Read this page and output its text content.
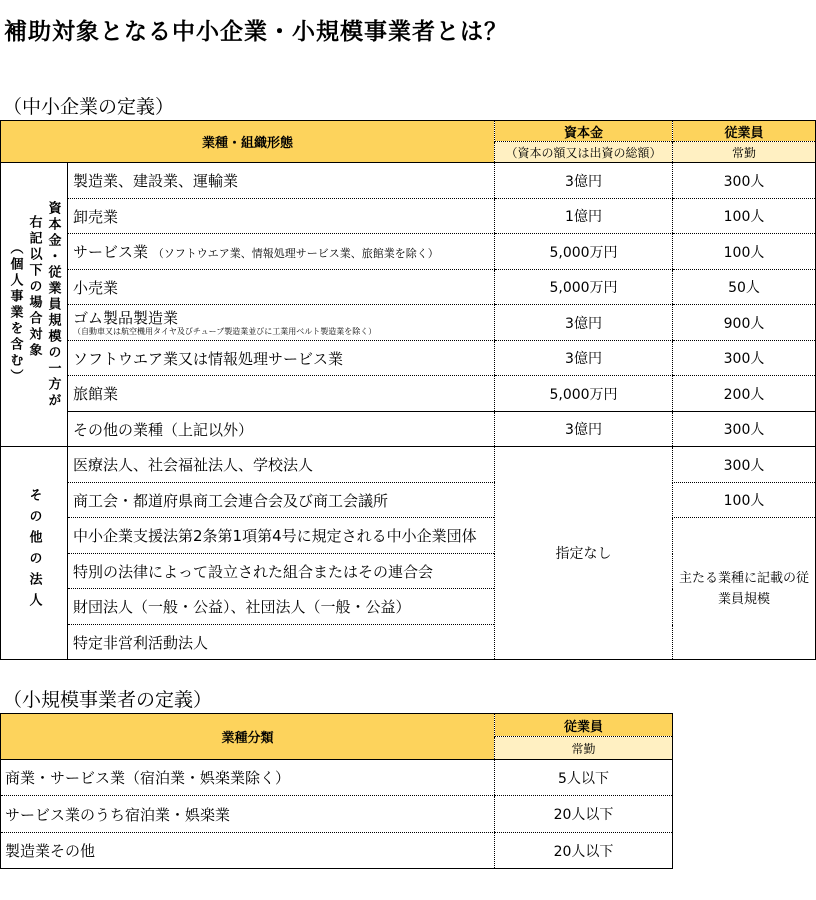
補助対象となる中小企業・小規模事業者とは？
（中小企業の定義）
業種・組織形態		資本金	従業員
		（資本の額又は出資の総額）	常勤

資本金・従業員規模の一方が
右記以下の場合対象
（個人事業を含む）	製造業、建設業、運輸業	3億円	300人
	卸売業	1億円	100人
	サービス業 （ソフトウエア業、情報処理サービス業、旅館業を除く）	5,000万円	100人
	小売業	5,000万円	50人

	ゴム製品製造業
（自動車又は航空機用タイヤ及びチューブ製造業並びに工業用ベルト製造業を除く）	3億円	900人
	ソフトウエア業又は情報処理サービス業	3億円	300人
	旅館業	5,000万円	200人
	その他の業種（上記以外）	3億円	300人
その他の法人	医療法人、社会福祉法人、学校法人	指定なし	300人
	商工会・都道府県商工会連合会及び商工会議所		100人
	中小企業支援法第2条第1項第4号に規定される中小企業団体		主たる業種に記載の従業員規模

	特別の法律によって設立された組合またはその連合会		
	財団法人（一般・公益）、社団法人（一般・公益）		
	特定非営利活動法人		
（小規模事業者の定義）
業種分類	従業員
	常勤
商業・サービス業（宿泊業・娯楽業除く）	5人以下
サービス業のうち宿泊業・娯楽業	20人以下
製造業その他	20人以下
